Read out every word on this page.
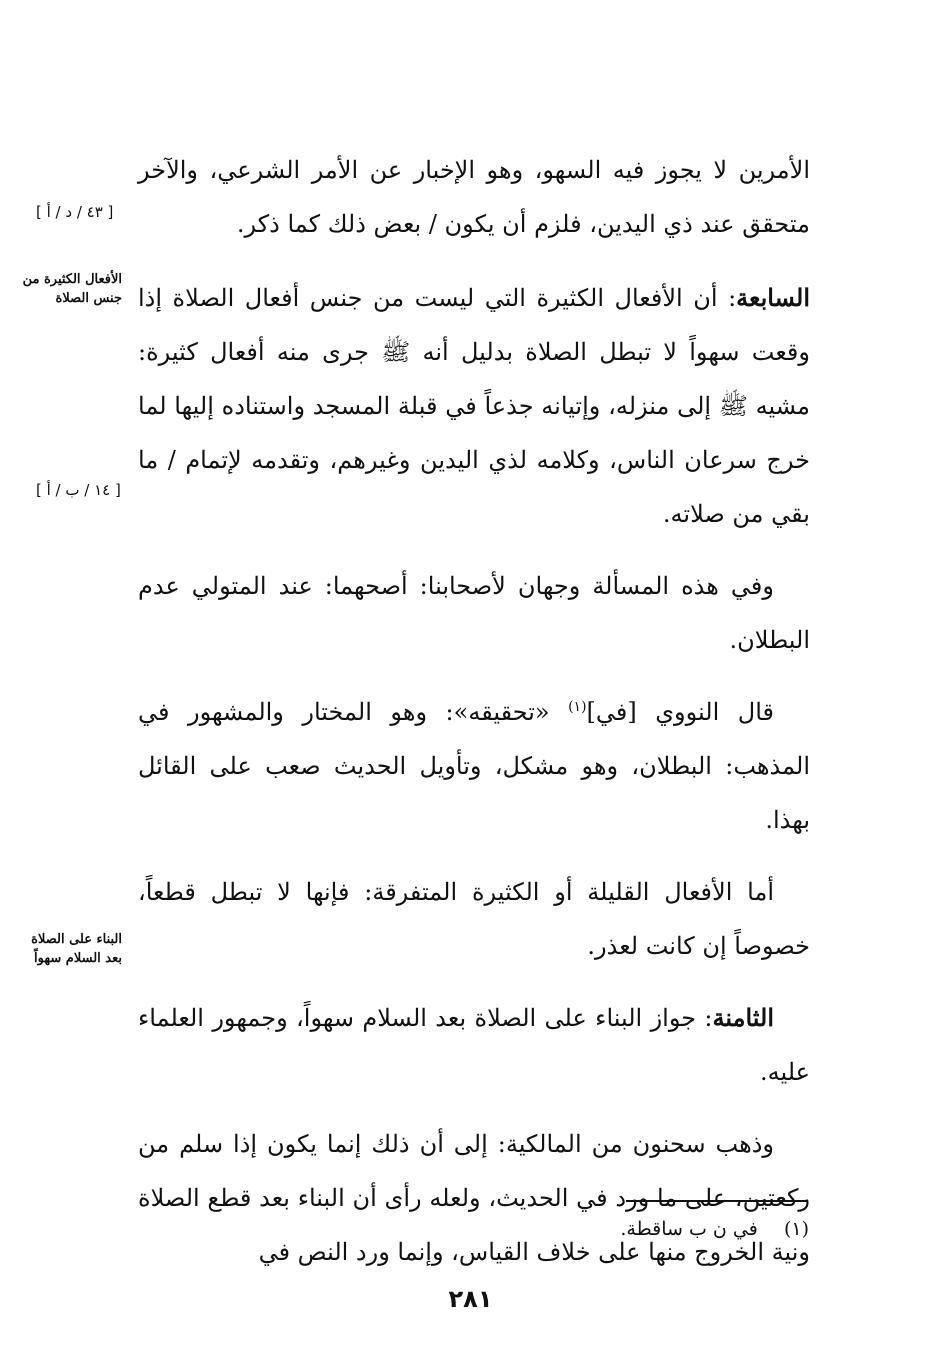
الأمرين لا يجوز فيه السهو، وهو الإخبار عن الأمر الشرعي، والآخر متحقق عند ذي اليدين، فلزم أن يكون / بعض ذلك كما ذكر.

السابعة: أن الأفعال الكثيرة التي ليست من جنس أفعال الصلاة إذا وقعت سهواً لا تبطل الصلاة بدليل أنه ﷺ جرى منه أفعال كثيرة: مشيه ﷺ إلى منزله، وإتيانه جذعاً في قبلة المسجد واستناده إليها لما خرج سرعان الناس، وكلامه لذي اليدين وغيرهم، وتقدمه لإتمام / ما بقي من صلاته.

وفي هذه المسألة وجهان لأصحابنا: أصحهما: عند المتولي عدم البطلان.

قال النووي [في]$^{(١)}$ «تحقيقه»: وهو المختار والمشهور في المذهب: البطلان، وهو مشكل، وتأويل الحديث صعب على القائل بهذا.

أما الأفعال القليلة أو الكثيرة المتفرقة: فإنها لا تبطل قطعاً، خصوصاً إن كانت لعذر.

الثامنة: جواز البناء على الصلاة بعد السلام سهواً، وجمهور العلماء عليه.

وذهب سحنون من المالكية: إلى أن ذلك إنما يكون إذا سلم من ركعتين، على ما ورد في الحديث، ولعله رأى أن البناء بعد قطع الصلاة ونية الخروج منها على خلاف القياس، وإنما ورد النص في

الأفعال الكثيرة من جنس الصلاة
البناء على الصلاة بعد السلام سهواً
[ ٤٣ / د / أ ]
[ ١٤ / ب / أ ]
(١)  في ن ب ساقطة.
٢٨١
